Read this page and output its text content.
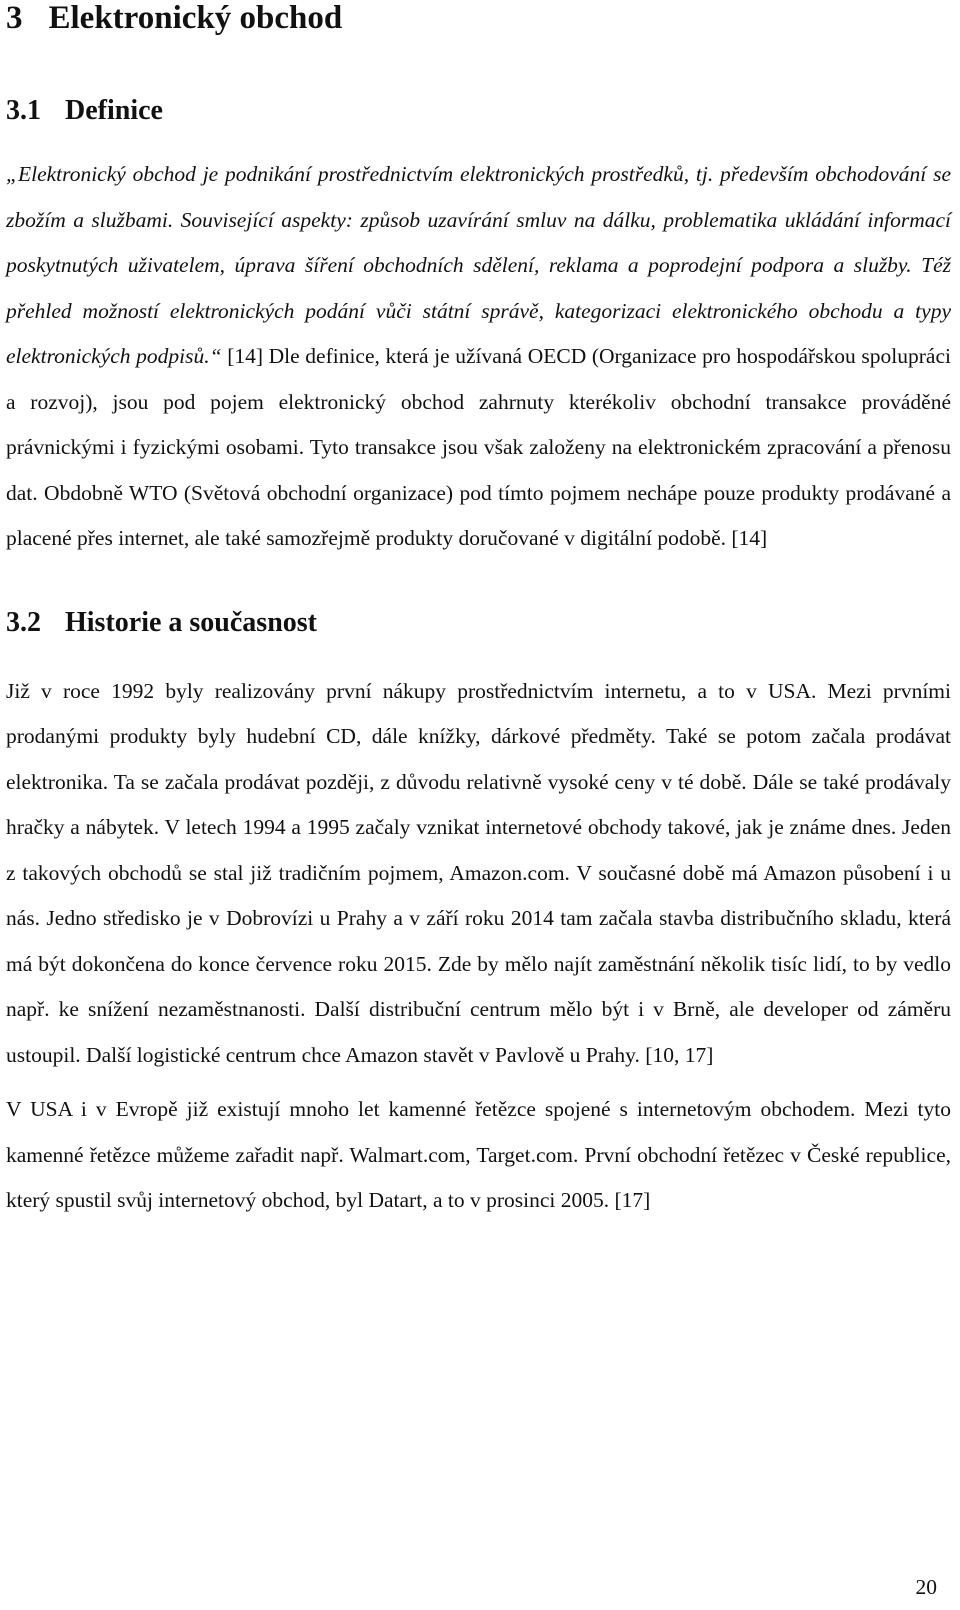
3 Elektronický obchod
3.1 Definice

„Elektronický obchod je podnikání prostřednictvím elektronických prostředků, tj. především obchodování se zbožím a službami. Související aspekty: způsob uzavírání smluv na dálku, problematika ukládání informací poskytnutých uživatelem, úprava šíření obchodních sdělení, reklama a poprodejní podpora a služby. Též přehled možností elektronických podání vůči státní správě, kategorizaci elektronického obchodu a typy elektronických podpisů.“ [14] Dle definice, která je užívaná OECD (Organizace pro hospodářskou spolupráci a rozvoj), jsou pod pojem elektronický obchod zahrnuty kterékoliv obchodní transakce prováděné právnickými i fyzickými osobami. Tyto transakce jsou však založeny na elektronickém zpracování a přenosu dat. Obdobně WTO (Světová obchodní organizace) pod tímto pojmem nechápe pouze produkty prodávané a placené přes internet, ale také samozřejmě produkty doručované v digitální podobě. [14]

3.2 Historie a současnost

Již v roce 1992 byly realizovány první nákupy prostřednictvím internetu, a to v USA. Mezi prvními prodanými produkty byly hudební CD, dále knížky, dárkové předměty. Také se potom začala prodávat elektronika. Ta se začala prodávat později, z důvodu relativně vysoké ceny v té době. Dále se také prodávaly hračky a nábytek. V letech 1994 a 1995 začaly vznikat internetové obchody takové, jak je známe dnes. Jeden z takových obchodů se stal již tradičním pojmem, Amazon.com. V současné době má Amazon působení i u nás. Jedno středisko je v Dobrovízi u Prahy a v září roku 2014 tam začala stavba distribučního skladu, která má být dokončena do konce července roku 2015. Zde by mělo najít zaměstnání několik tisíc lidí, to by vedlo např. ke snížení nezaměstnanosti. Další distribuční centrum mělo být i v Brně, ale developer od záměru ustoupil. Další logistické centrum chce Amazon stavět v Pavlově u Prahy. [10, 17]

V USA i v Evropě již existují mnoho let kamenné řetězce spojené s internetovým obchodem. Mezi tyto kamenné řetězce můžeme zařadit např. Walmart.com, Target.com. První obchodní řetězec v České republice, který spustil svůj internetový obchod, byl Datart, a to v prosinci 2005. [17]

20
